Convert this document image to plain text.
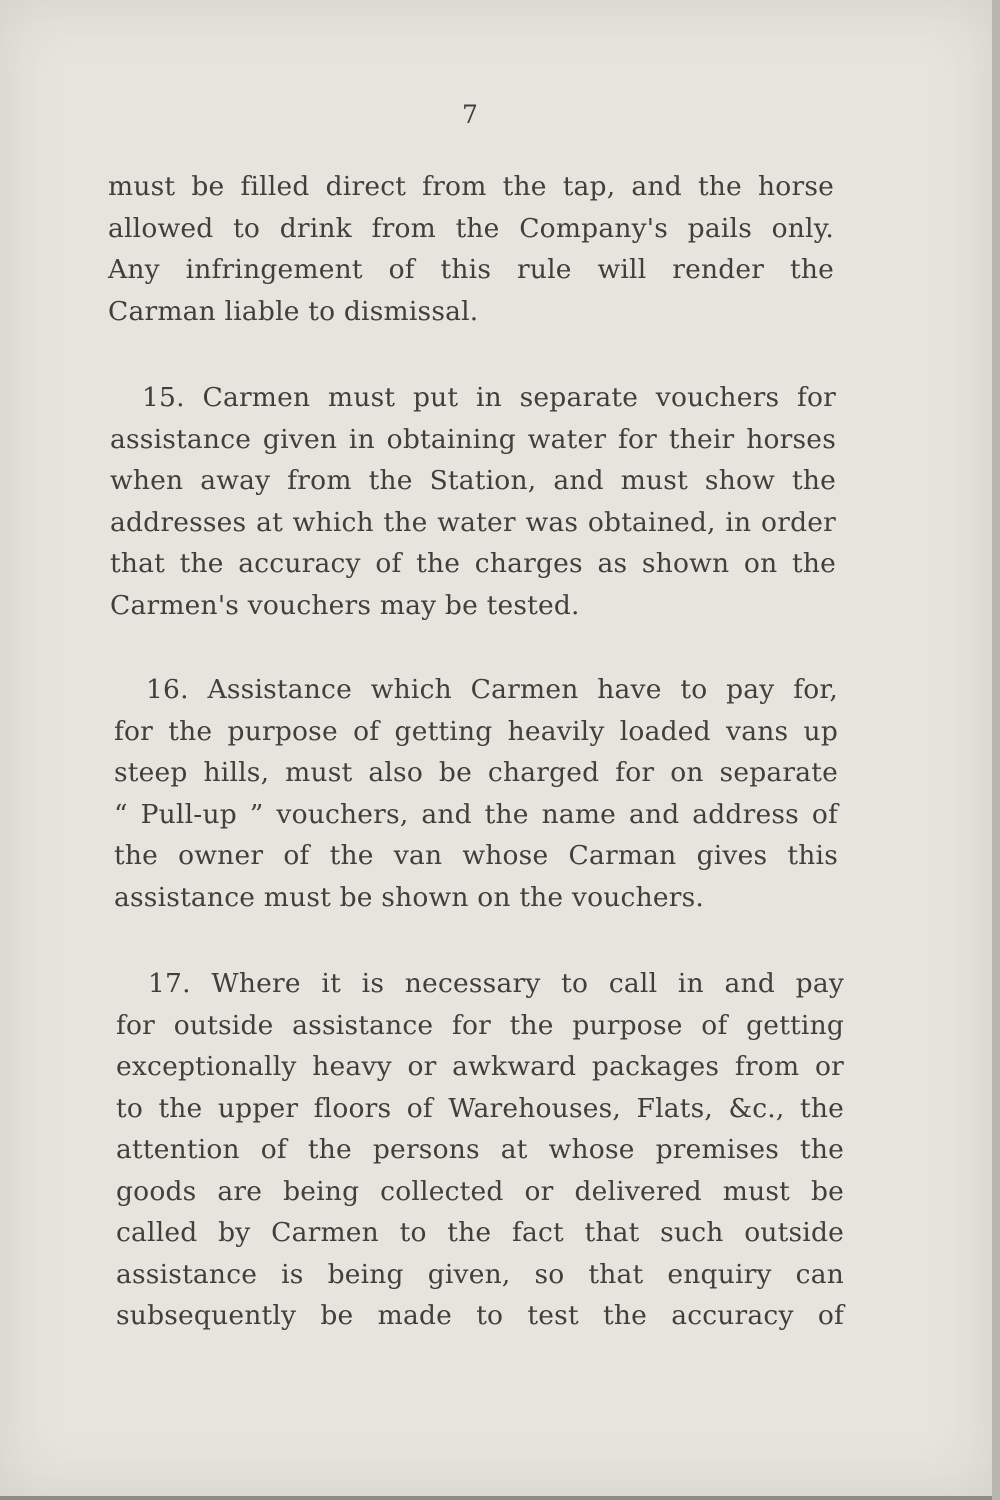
7
must be filled direct from the tap, and the horse
allowed to drink from the Company's pails only.
Any infringement of this rule will render the
Carman liable to dismissal.
15. Carmen must put in separate vouchers for
assistance given in obtaining water for their horses
when away from the Station, and must show the
addresses at which the water was obtained, in order
that the accuracy of the charges as shown on the
Carmen's vouchers may be tested.
16. Assistance which Carmen have to pay for,
for the purpose of getting heavily loaded vans up
steep hills, must also be charged for on separate
“ Pull-up ” vouchers, and the name and address of
the owner of the van whose Carman gives this
assistance must be shown on the vouchers.
17. Where it is necessary to call in and pay
for outside assistance for the purpose of getting
exceptionally heavy or awkward packages from or
to the upper floors of Warehouses, Flats, &c., the
attention of the persons at whose premises the
goods are being collected or delivered must be
called by Carmen to the fact that such outside
assistance is being given, so that enquiry can
subsequently be made to test the accuracy of
